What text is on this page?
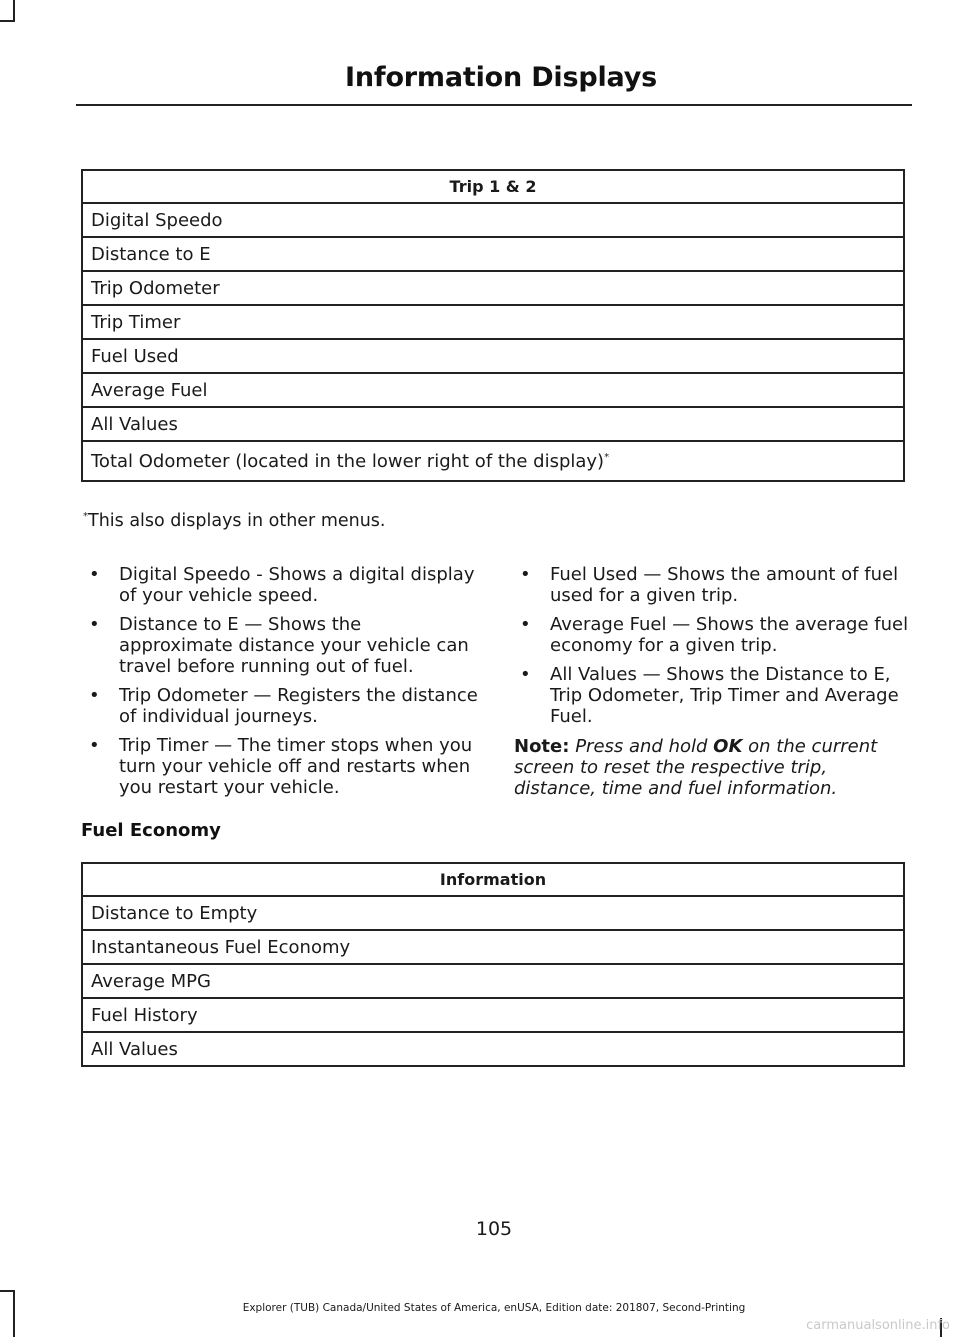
Information Displays
Trip 1 & 2
Digital Speedo
Distance to E
Trip Odometer
Trip Timer
Fuel Used
Average Fuel
All Values
Total Odometer (located in the lower right of the display)*
*This also displays in other menus.
• Digital Speedo - Shows a digital display of your vehicle speed.
• Distance to E — Shows the approximate distance your vehicle can travel before running out of fuel.
• Trip Odometer — Registers the distance of individual journeys.
• Trip Timer — The timer stops when you turn your vehicle off and restarts when you restart your vehicle.
• Fuel Used — Shows the amount of fuel used for a given trip.
• Average Fuel — Shows the average fuel economy for a given trip.
• All Values — Shows the Distance to E, Trip Odometer, Trip Timer and Average Fuel.
Note: Press and hold OK on the current screen to reset the respective trip, distance, time and fuel information.
Fuel Economy
Information
Distance to Empty
Instantaneous Fuel Economy
Average MPG
Fuel History
All Values
105
Explorer (TUB) Canada/United States of America, enUSA, Edition date: 201807, Second-Printing
carmanualsonline.info
